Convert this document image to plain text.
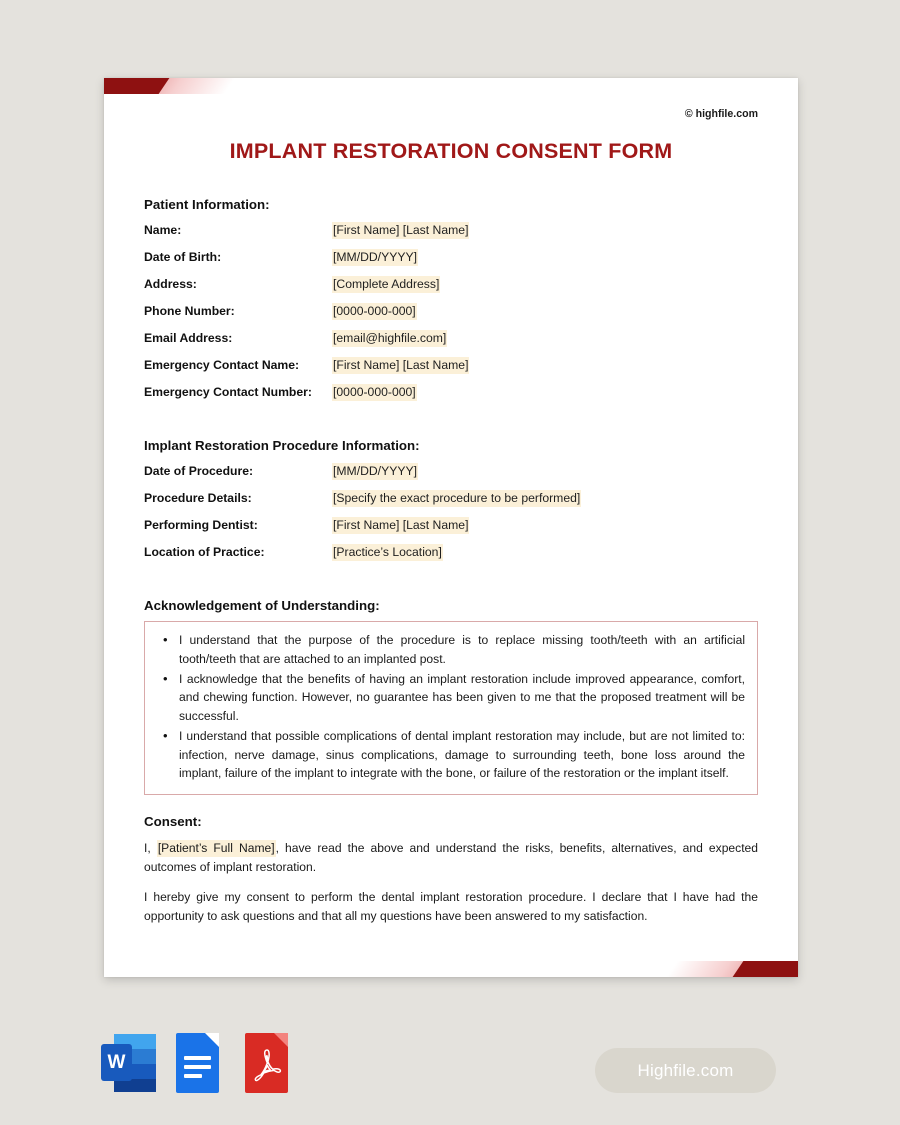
IMPLANT RESTORATION CONSENT FORM
Patient Information:
Name:	[First Name] [Last Name]
Date of Birth:	[MM/DD/YYYY]
Address:	[Complete Address]
Phone Number:	[0000-000-000]
Email Address:	[email@highfile.com]
Emergency Contact Name:	[First Name] [Last Name]
Emergency Contact Number:	[0000-000-000]
Implant Restoration Procedure Information:
Date of Procedure:	[MM/DD/YYYY]
Procedure Details:	[Specify the exact procedure to be performed]
Performing Dentist:	[First Name] [Last Name]
Location of Practice:	[Practice’s Location]
Acknowledgement of Understanding:
• I understand that the purpose of the procedure is to replace missing tooth/teeth with an artificial tooth/teeth that are attached to an implanted post.
• I acknowledge that the benefits of having an implant restoration include improved appearance, comfort, and chewing function. However, no guarantee has been given to me that the proposed treatment will be successful.
• I understand that possible complications of dental implant restoration may include, but are not limited to: infection, nerve damage, sinus complications, damage to surrounding teeth, bone loss around the implant, failure of the implant to integrate with the bone, or failure of the restoration or the implant itself.
Consent:

I, [Patient’s Full Name], have read the above and understand the risks, benefits, alternatives, and expected outcomes of implant restoration.

I hereby give my consent to perform the dental implant restoration procedure. I declare that I have had the opportunity to ask questions and that all my questions have been answered to my satisfaction.

© highfile.com
W	Highfile.com
